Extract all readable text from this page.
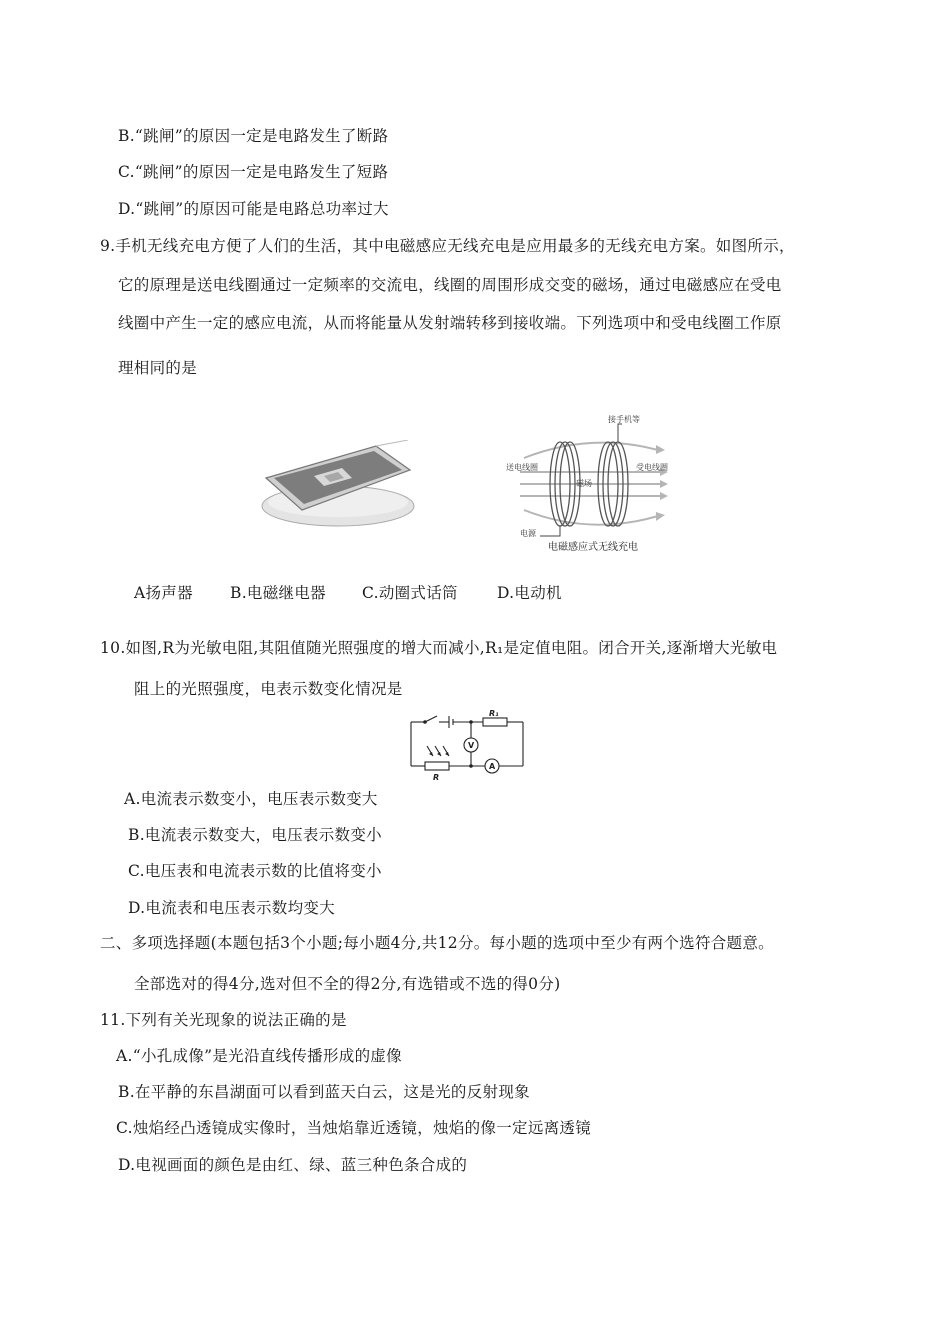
B.“跳闸”的原因一定是电路发生了断路
C.“跳闸”的原因一定是电路发生了短路
D.“跳闸”的原因可能是电路总功率过大
9.手机无线充电方便了人们的生活，其中电磁感应无线充电是应用最多的无线充电方案。如图所示，
它的原理是送电线圈通过一定频率的交流电，线圈的周围形成交变的磁场，通过电磁感应在受电
线圈中产生一定的感应电流，从而将能量从发射端转移到接收端。下列选项中和受电线圈工作原
理相同的是
磁场
接手机等
送电线圈	受电线圈
电源
电磁感应式无线充电
A扬声器 B.电磁继电器 C.动圈式话筒	D.电动机
10.如图,R为光敏电阻,其阻值随光照强度的增大而减小,R₁是定值电阻。闭合开关,逐渐增大光敏电
阻上的光照强度，电表示数变化情况是
R₁
R
V
A
A.电流表示数变小，电压表示数变大
B.电流表示数变大，电压表示数变小
C.电压表和电流表示数的比值将变小
D.电流表和电压表示数均变大
二、多项选择题(本题包括3个小题;每小题4分,共12分。每小题的选项中至少有两个选符合题意。
全部选对的得4分,选对但不全的得2分,有选错或不选的得0分)
11.下列有关光现象的说法正确的是
A.“小孔成像”是光沿直线传播形成的虚像
B.在平静的东昌湖面可以看到蓝天白云，这是光的反射现象
C.烛焰经凸透镜成实像时，当烛焰靠近透镜，烛焰的像一定远离透镜
D.电视画面的颜色是由红、绿、蓝三种色条合成的
